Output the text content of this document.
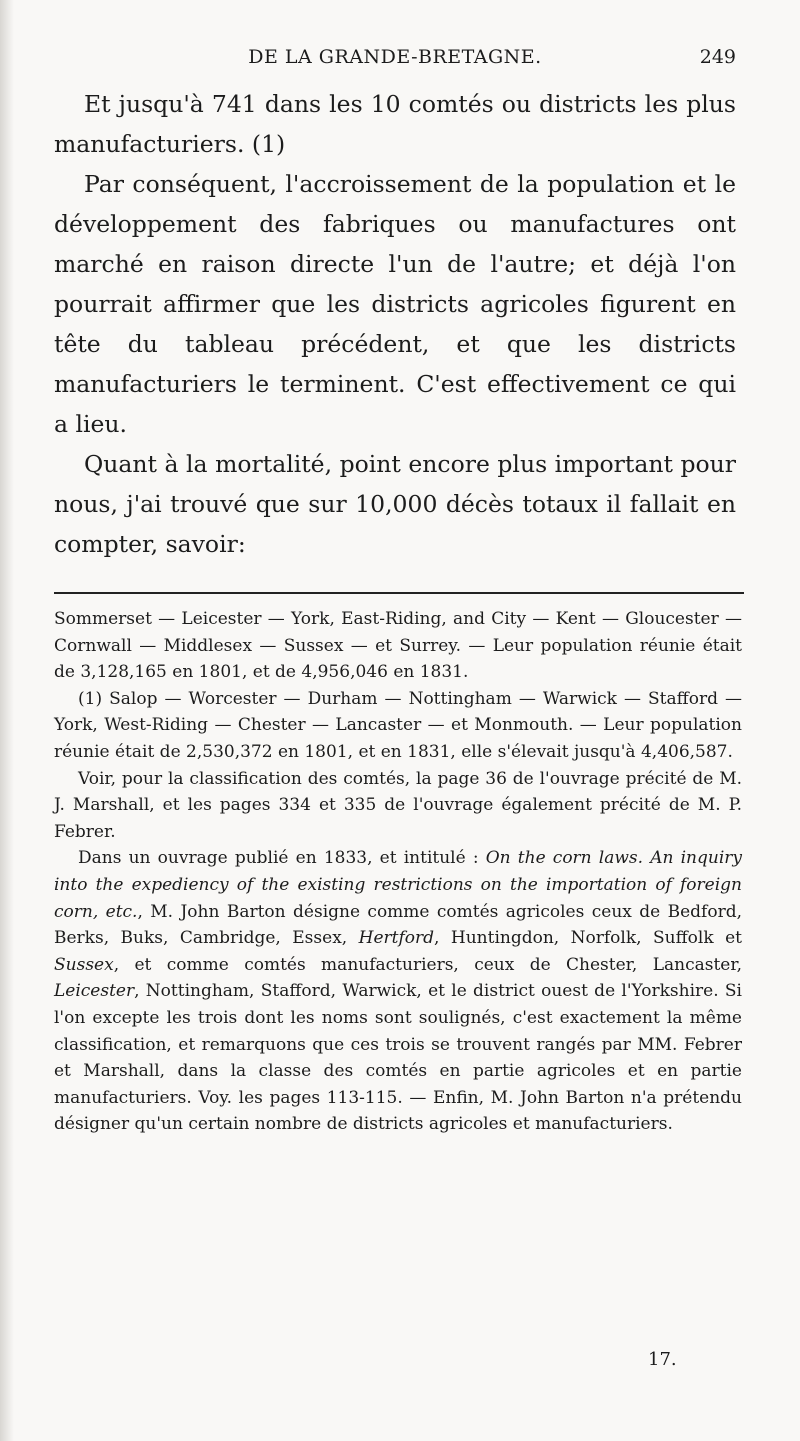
DE LA GRANDE-BRETAGNE.	249

Et jusqu'à 741 dans les 10 comtés ou districts les plus manufacturiers. (1)

Par conséquent, l'accroissement de la population et le développement des fabriques ou manufactures ont marché en raison directe l'un de l'autre; et déjà l'on pourrait affirmer que les districts agricoles figurent en tête du tableau précédent, et que les districts manufacturiers le terminent. C'est effectivement ce qui a lieu.

Quant à la mortalité, point encore plus important pour nous, j'ai trouvé que sur 10,000 décès totaux il fallait en compter, savoir:

Sommerset — Leicester — York, East-Riding, and City — Kent — Gloucester — Cornwall — Middlesex — Sussex — et Surrey. — Leur population réunie était de 3,128,165 en 1801, et de 4,956,046 en 1831.

(1) Salop — Worcester — Durham — Nottingham — Warwick — Stafford — York, West-Riding — Chester — Lancaster — et Monmouth. — Leur population réunie était de 2,530,372 en 1801, et en 1831, elle s'élevait jusqu'à 4,406,587.

Voir, pour la classification des comtés, la page 36 de l'ouvrage précité de M. J. Marshall, et les pages 334 et 335 de l'ouvrage également précité de M. P. Febrer.

Dans un ouvrage publié en 1833, et intitulé : On the corn laws. An inquiry into the expediency of the existing restrictions on the importation of foreign corn, etc., M. John Barton désigne comme comtés agricoles ceux de Bedford, Berks, Buks, Cambridge, Essex, Hertford, Huntingdon, Norfolk, Suffolk et Sussex, et comme comtés manufacturiers, ceux de Chester, Lancaster, Leicester, Nottingham, Stafford, Warwick, et le district ouest de l'Yorkshire. Si l'on excepte les trois dont les noms sont soulignés, c'est exactement la même classification, et remarquons que ces trois se trouvent rangés par MM. Febrer et Marshall, dans la classe des comtés en partie agricoles et en partie manufacturiers. Voy. les pages 113-115. — Enfin, M. John Barton n'a prétendu désigner qu'un certain nombre de districts agricoles et manufacturiers.

17.
